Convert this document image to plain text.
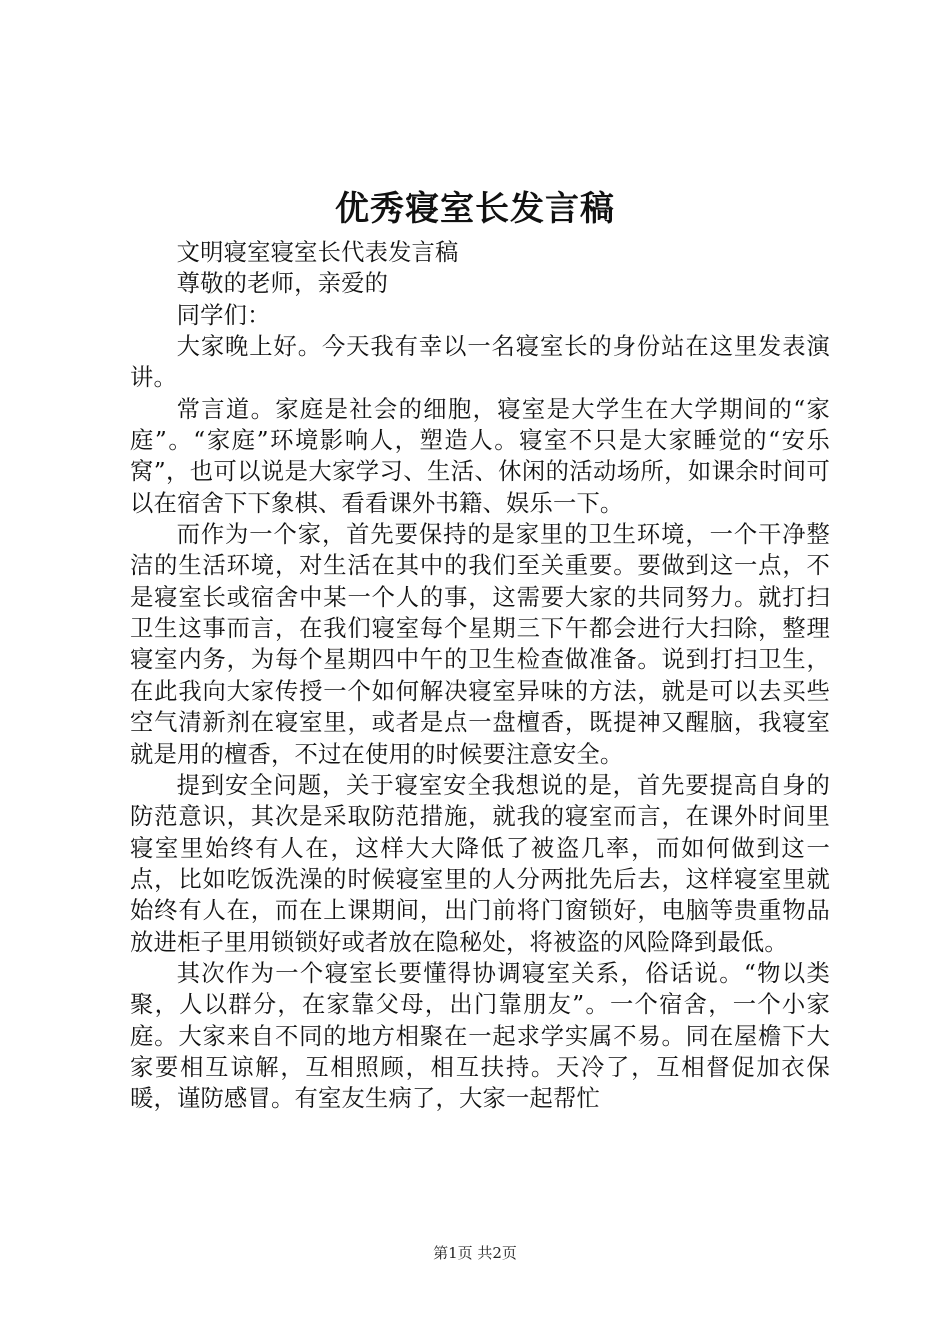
优秀寝室长发言稿

文明寝室寝室长代表发言稿

尊敬的老师，亲爱的

同学们：

大家晚上好。今天我有幸以一名寝室长的身份站在这里发表演讲。

常言道。家庭是社会的细胞，寝室是大学生在大学期间的“家庭”。“家庭”环境影响人，塑造人。寝室不只是大家睡觉的“安乐窝”，也可以说是大家学习、生活、休闲的活动场所，如课余时间可以在宿舍下下象棋、看看课外书籍、娱乐一下。

而作为一个家，首先要保持的是家里的卫生环境，一个干净整洁的生活环境，对生活在其中的我们至关重要。要做到这一点，不是寝室长或宿舍中某一个人的事，这需要大家的共同努力。就打扫卫生这事而言，在我们寝室每个星期三下午都会进行大扫除，整理寝室内务，为每个星期四中午的卫生检查做准备。说到打扫卫生，在此我向大家传授一个如何解决寝室异味的方法，就是可以去买些空气清新剂在寝室里，或者是点一盘檀香，既提神又醒脑，我寝室就是用的檀香，不过在使用的时候要注意安全。

提到安全问题，关于寝室安全我想说的是，首先要提高自身的防范意识，其次是采取防范措施，就我的寝室而言，在课外时间里寝室里始终有人在，这样大大降低了被盗几率，而如何做到这一点，比如吃饭洗澡的时候寝室里的人分两批先后去，这样寝室里就始终有人在，而在上课期间，出门前将门窗锁好，电脑等贵重物品放进柜子里用锁锁好或者放在隐秘处，将被盗的风险降到最低。

其次作为一个寝室长要懂得协调寝室关系，俗话说。“物以类聚，人以群分，在家靠父母，出门靠朋友”。一个宿舍，一个小家庭。大家来自不同的地方相聚在一起求学实属不易。同在屋檐下大家要相互谅解，互相照顾，相互扶持。天冷了，互相督促加衣保暖，谨防感冒。有室友生病了，大家一起帮忙

第1页 共2页
